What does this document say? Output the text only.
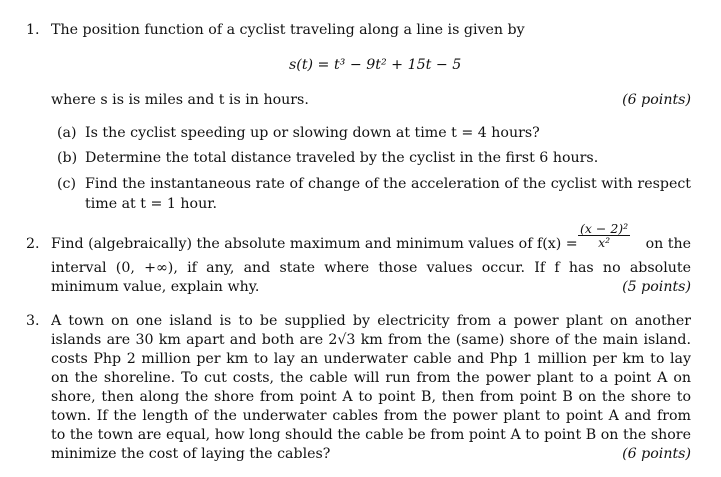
1. The position function of a cyclist traveling along a line is given by
s(t) = t³ − 9t² + 15t − 5
where s is is miles and t is in hours.	(6 points)
(a) Is the cyclist speeding up or slowing down at time t = 4 hours?
(b) Determine the total distance traveled by the cyclist in the first 6 hours.
(c) Find the instantaneous rate of change of the acceleration of the cyclist with respect
time at t = 1 hour.
2. Find (algebraically) the absolute maximum and minimum values of $f(x) = \frac{\text{(x − 2)²}}{\text{x²}}$ on the
interval (0, +∞), if any, and state where those values occur. If f has no absolute
minimum value, explain why.	(5 points)
3. A town on one island is to be supplied by electricity from a power plant on another
islands are 30 km apart and both are 2√3 km from the (same) shore of the main island.
costs Php 2 million per km to lay an underwater cable and Php 1 million per km to lay
on the shoreline. To cut costs, the cable will run from the power plant to a point A on
shore, then along the shore from point A to point B, then from point B on the shore to
town. If the length of the underwater cables from the power plant to point A and from
to the town are equal, how long should the cable be from point A to point B on the shore
minimize the cost of laying the cables?	(6 points)
